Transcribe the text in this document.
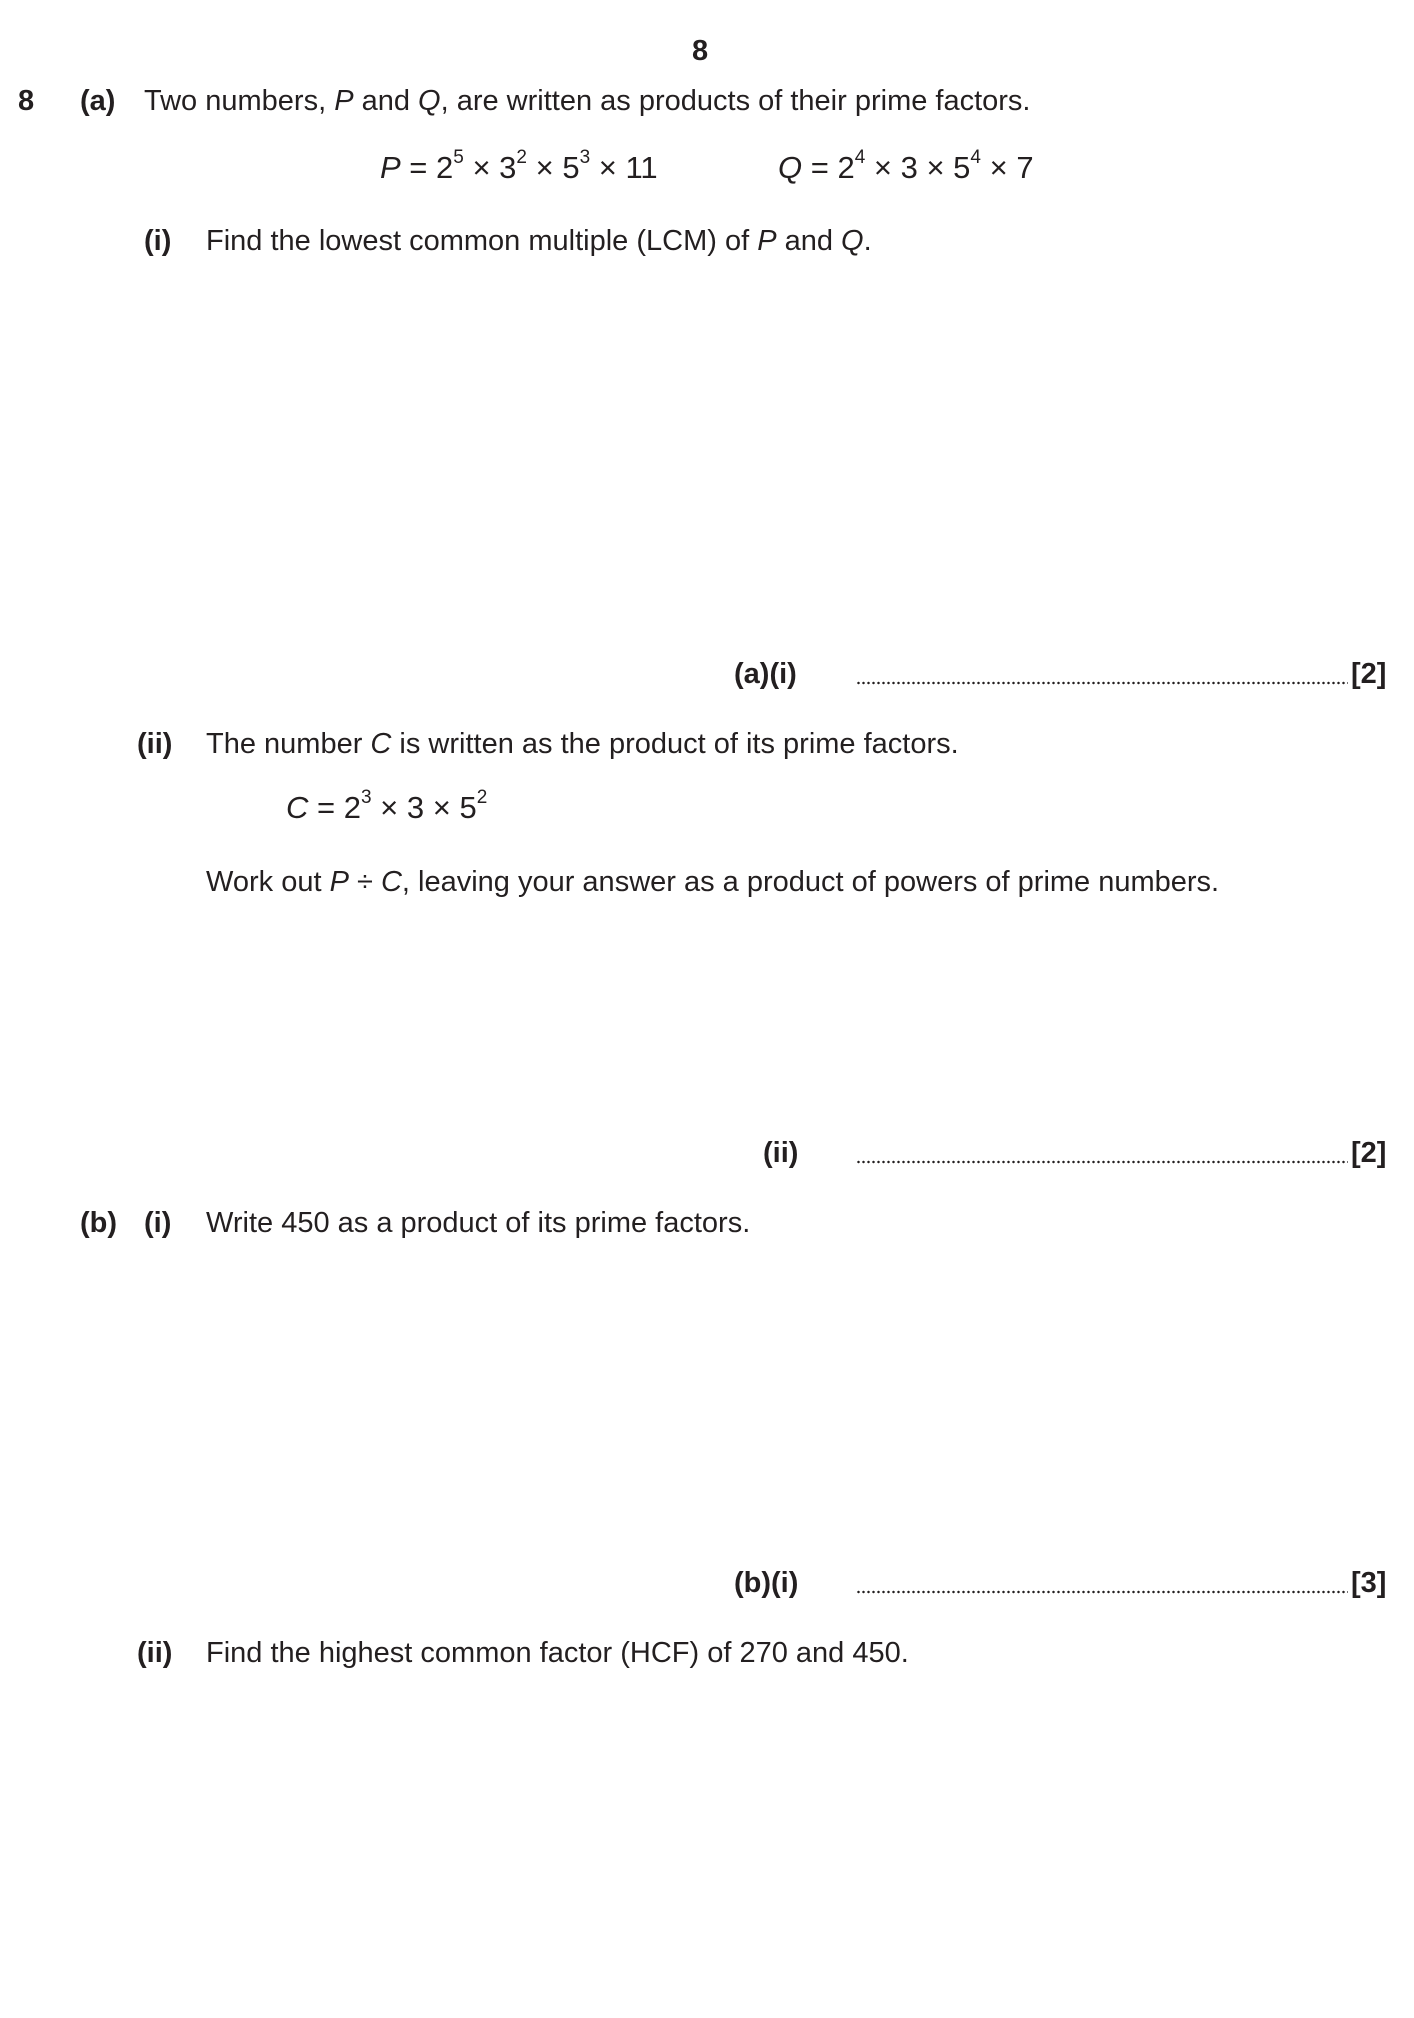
8
8 (a) Two numbers, P and Q, are written as products of their prime factors.
$P = 2^5 \times 3^2 \times 5^3 \times 11$	$Q = 2^4 \times 3 \times 5^4 \times 7$
(i) Find the lowest common multiple (LCM) of P and Q.
(a)(i)	[2]
(ii) The number C is written as the product of its prime factors.
$C = 2^3 \times 3 \times 5^2$
Work out P ÷ C, leaving your answer as a product of powers of prime numbers.
(ii)	[2]
(b) (i) Write 450 as a product of its prime factors.
(b)(i)	[3]
(ii) Find the highest common factor (HCF) of 270 and 450.
